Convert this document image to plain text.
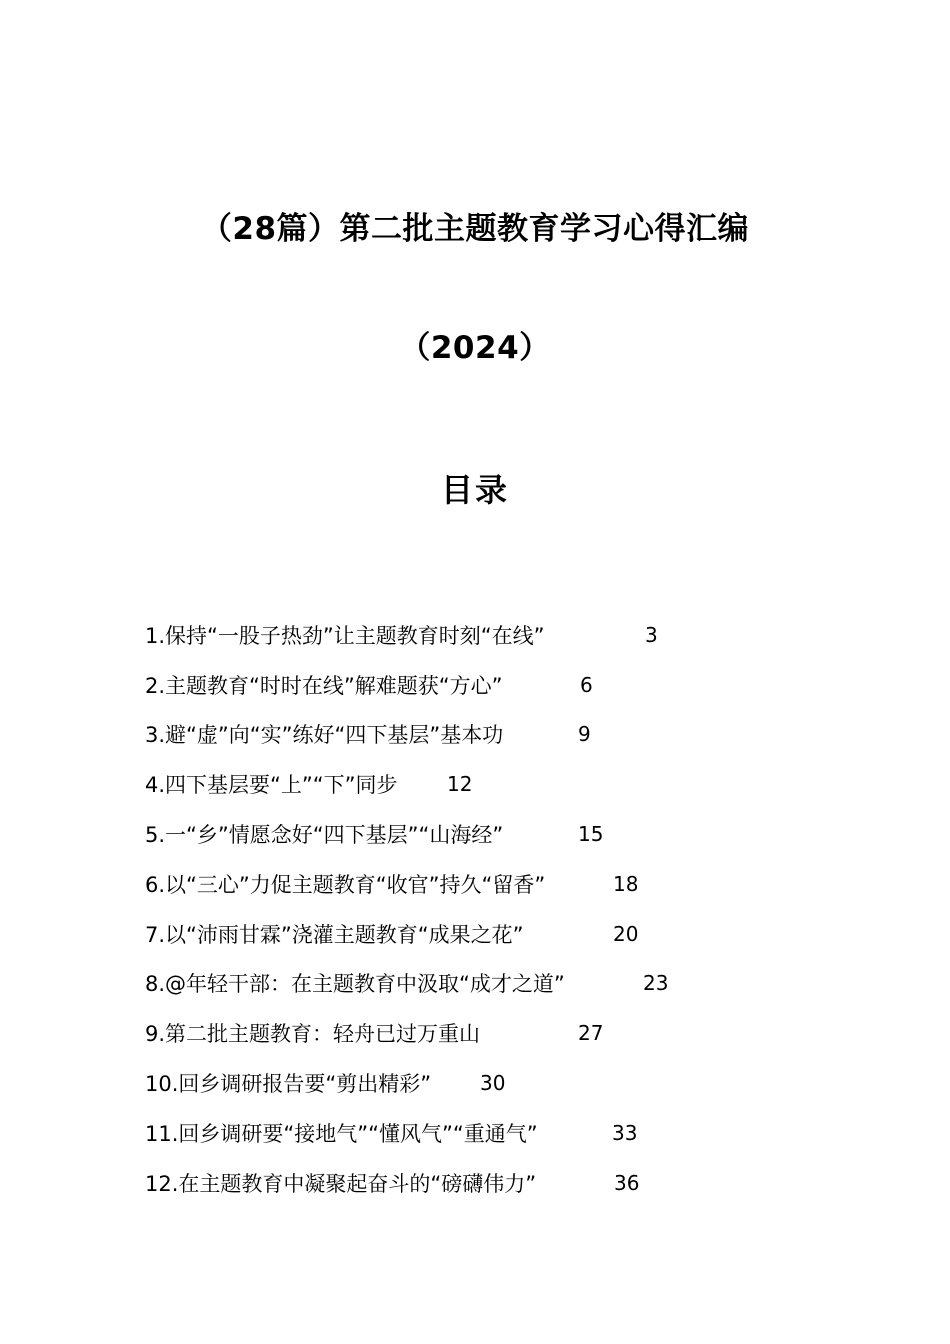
（28篇）第二批主题教育学习心得汇编
（2024）
目录
1.保持“一股子热劲”让主题教育时刻“在线”	3
2.主题教育“时时在线”解难题获“方心”	6
3.避“虚”向“实”练好“四下基层”基本功	9
4.四下基层要“上”“下”同步	12
5.一“乡”情愿念好“四下基层”“山海经”	15
6.以“三心”力促主题教育“收官”持久“留香”	18
7.以“沛雨甘霖”浇灌主题教育“成果之花”	20
8.@年轻干部：在主题教育中汲取“成才之道”	23
9.第二批主题教育：轻舟已过万重山	27
10.回乡调研报告要“剪出精彩”	30
11.回乡调研要“接地气”“懂风气”“重通气”	33
12.在主题教育中凝聚起奋斗的“磅礴伟力”	36
